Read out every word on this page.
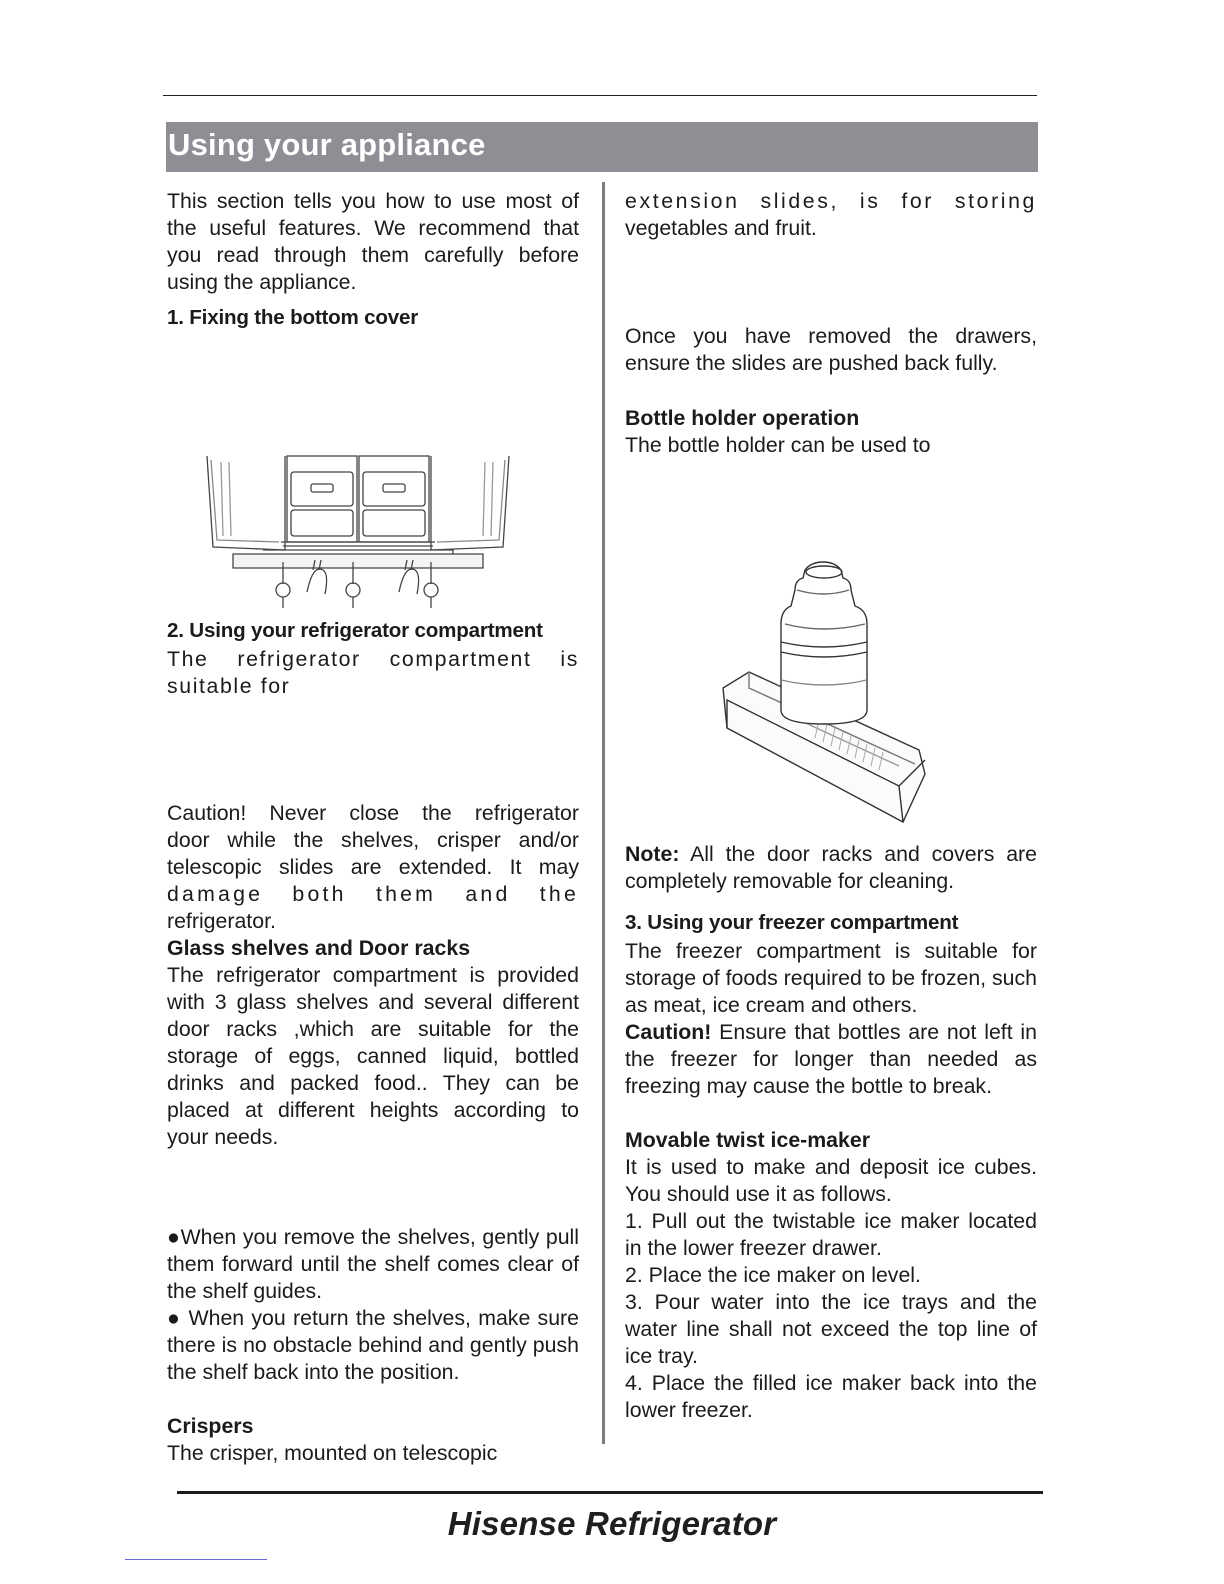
Using your appliance

This section tells you how to use most of the useful features. We recommend that you read through them carefully before using the appliance.

1. Fixing the bottom cover

2. Using your refrigerator compartment

The refrigerator compartment is suitable for

Caution! Never close the refrigerator
door while the shelves, crisper and/or
telescopic slides are extended. It may
damage both them and the
refrigerator.

Glass shelves and Door racks

The refrigerator compartment is provided with 3 glass shelves and several different door racks ,which are suitable for the storage of eggs, canned liquid, bottled drinks and packed food.. They can be placed at different heights according to your needs.

●When you remove the shelves, gently pull them forward until the shelf comes clear of the shelf guides.

● When you return the shelves, make sure there is no obstacle behind and gently push the shelf back into the position.

Crispers

The crisper, mounted on telescopic

extension slides, is for storing
vegetables and fruit.

Once you have removed the drawers, ensure the slides are pushed back fully.

Bottle holder operation

The bottle holder can be used to

Note: All the door racks and covers are completely removable for cleaning.

3. Using your freezer compartment

The freezer compartment is suitable for storage of foods required to be frozen, such as meat, ice cream and others.

Caution! Ensure that bottles are not left in the freezer for longer than needed as freezing may cause the bottle to break.

Movable twist ice-maker

It is used to make and deposit ice cubes. You should use it as follows.

1. Pull out the twistable ice maker located in the lower freezer drawer.

2. Place the ice maker on level.

3. Pour water into the ice trays and the water line shall not exceed the top line of ice tray.

4. Place the filled ice maker back into the lower freezer.

Hisense Refrigerator
